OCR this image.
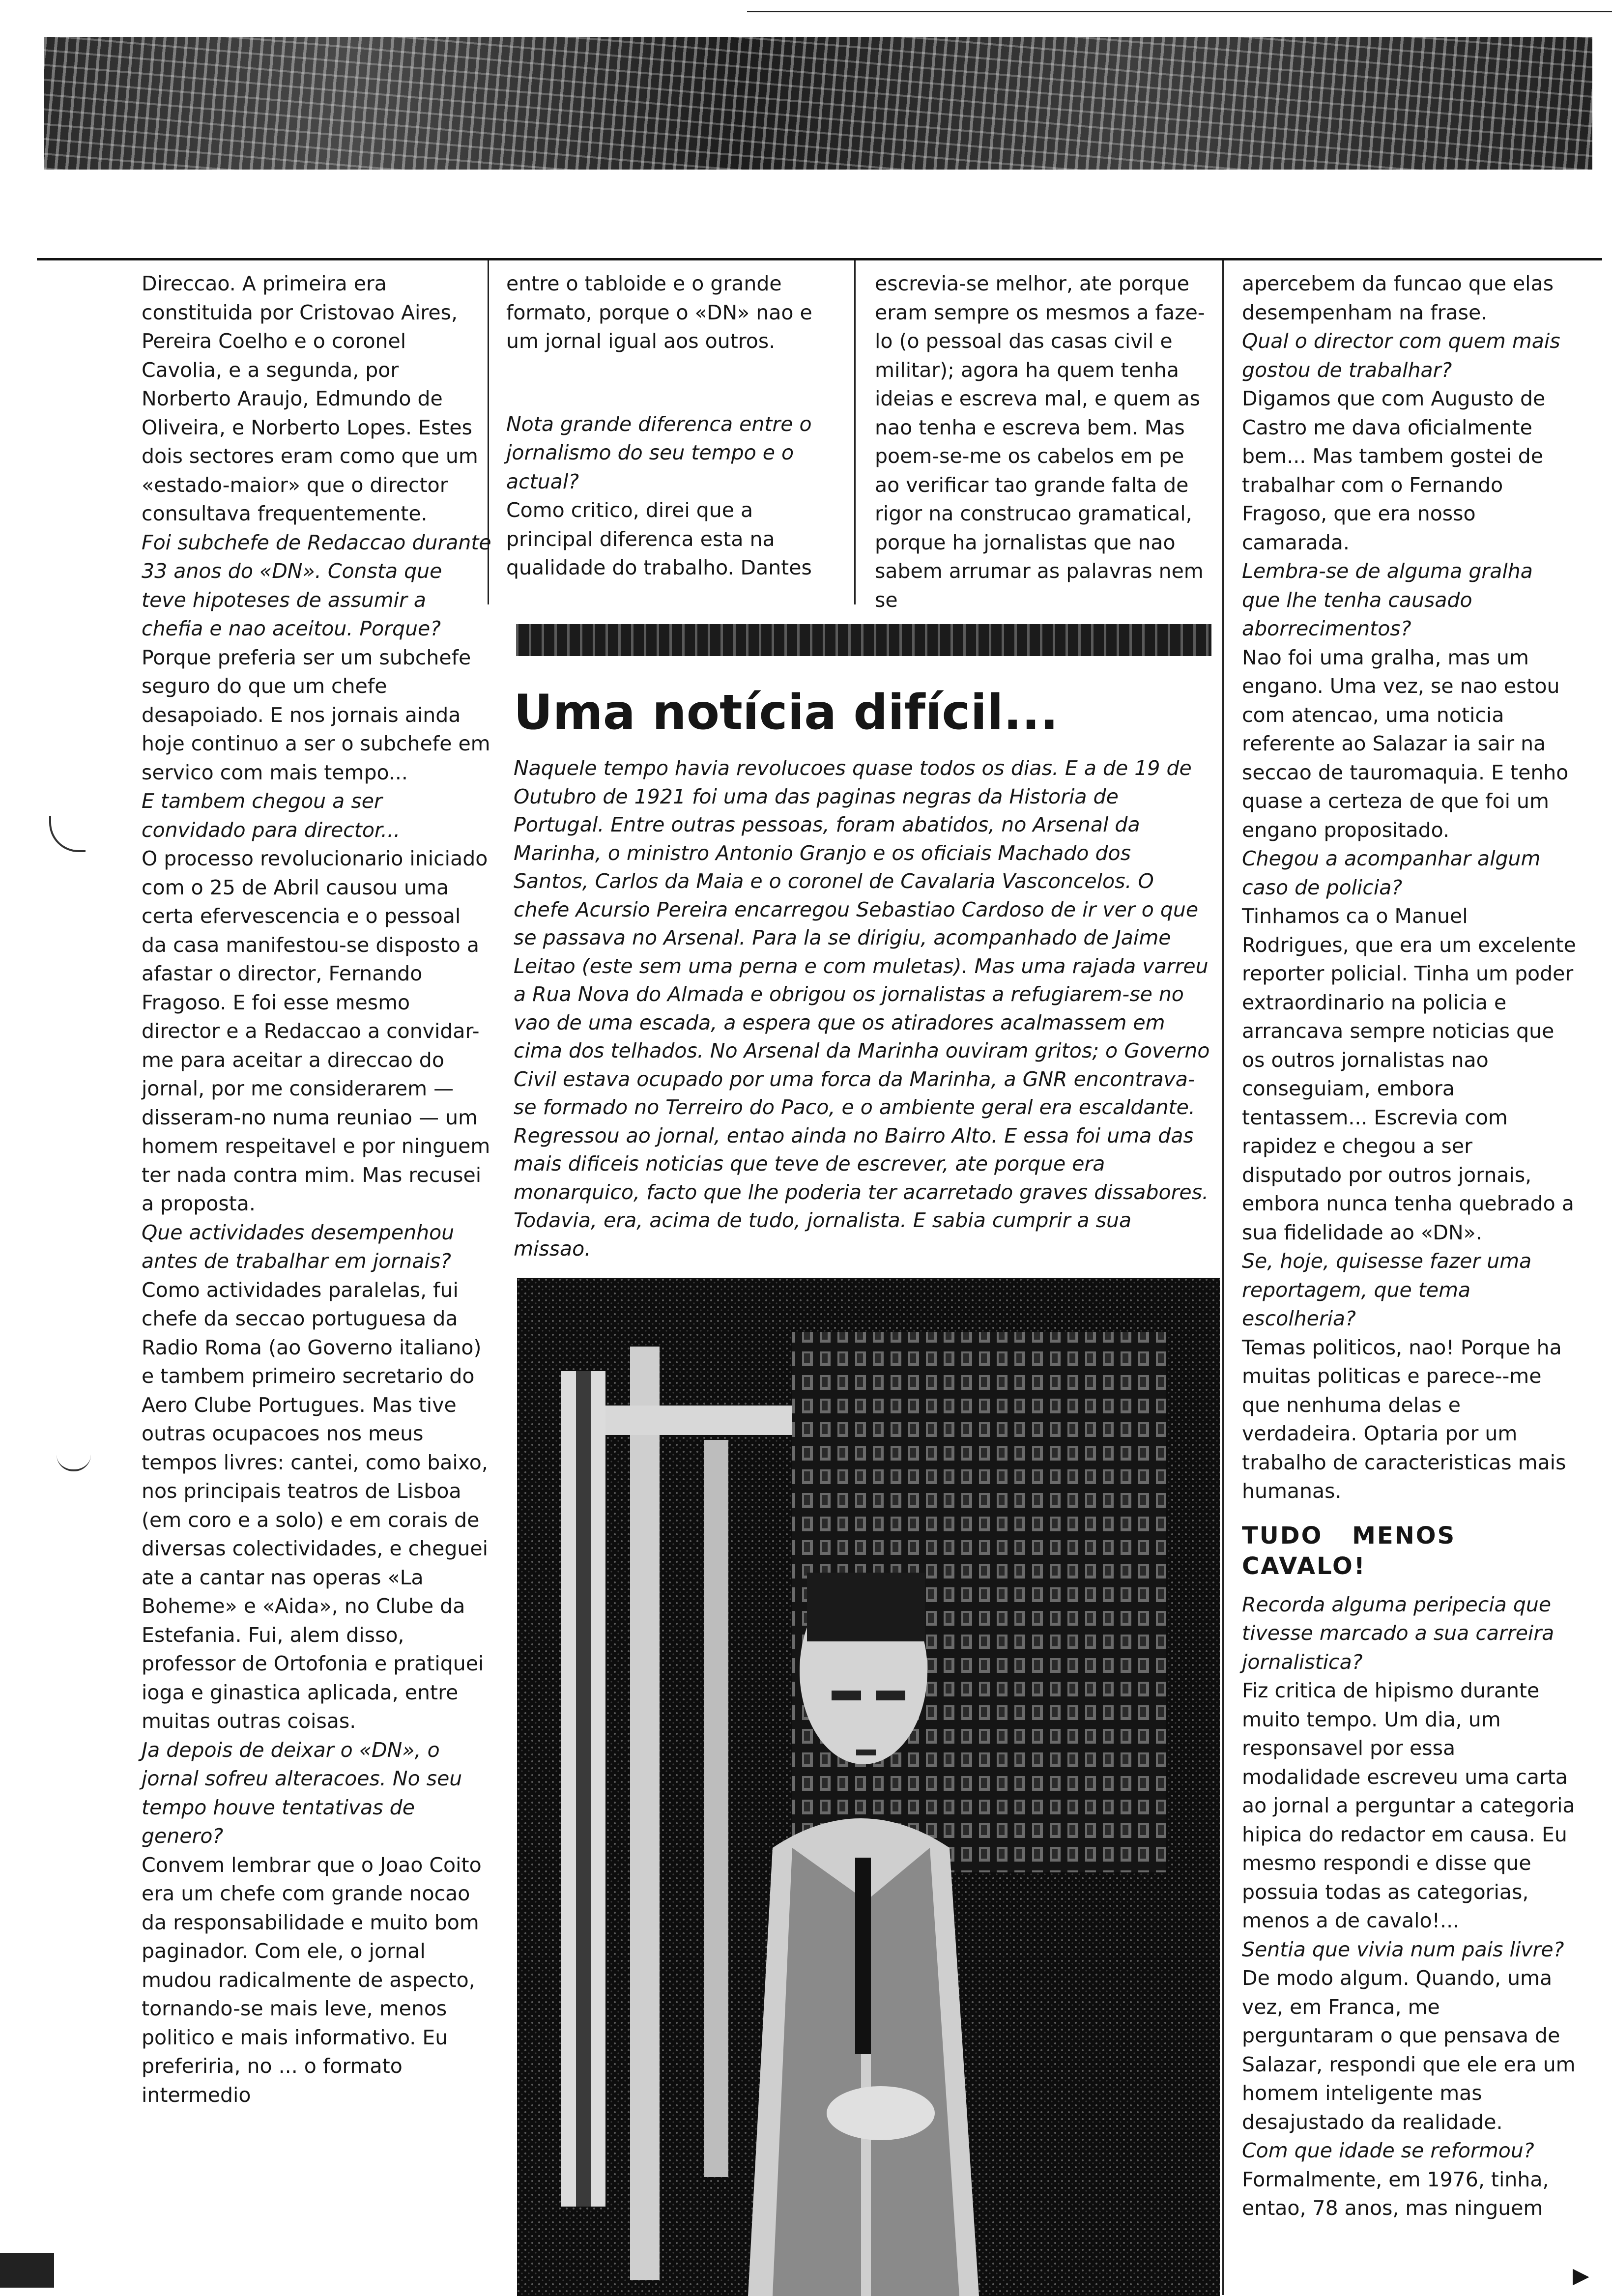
Direccao. A primeira era constituida por Cristovao Aires, Pereira Coelho e o coronel Cavolia, e a segunda, por Norberto Araujo, Edmundo de Oliveira, e Norberto Lopes. Estes dois sectores eram como que um «estado-maior» que o director consultava frequentemente.

Foi subchefe de Redaccao durante 33 anos do «DN». Consta que teve hipoteses de assumir a chefia e nao aceitou. Porque?

Porque preferia ser um subchefe seguro do que um chefe desapoiado. E nos jornais ainda hoje continuo a ser o subchefe em servico com mais tempo...

E tambem chegou a ser convidado para director...

O processo revolucionario iniciado com o 25 de Abril causou uma certa efervescencia e o pessoal da casa manifestou-se disposto a afastar o director, Fernando Fragoso. E foi esse mesmo director e a Redaccao a convidar-me para aceitar a direccao do jornal, por me considerarem — disseram-no numa reuniao — um homem respeitavel e por ninguem ter nada contra mim. Mas recusei a proposta.

Que actividades desempenhou antes de trabalhar em jornais?

Como actividades paralelas, fui chefe da seccao portuguesa da Radio Roma (ao Governo italiano) e tambem primeiro secretario do Aero Clube Portugues. Mas tive outras ocupacoes nos meus tempos livres: cantei, como baixo, nos principais teatros de Lisboa (em coro e a solo) e em corais de diversas colectividades, e cheguei ate a cantar nas operas «La Boheme» e «Aida», no Clube da Estefania. Fui, alem disso, professor de Ortofonia e pratiquei ioga e ginastica aplicada, entre muitas outras coisas.

Ja depois de deixar o «DN», o jornal sofreu alteracoes. No seu tempo houve tentativas de genero?

Convem lembrar que o Joao Coito era um chefe com grande nocao da responsabilidade e muito bom paginador. Com ele, o jornal mudou radicalmente de aspecto, tornando-se mais leve, menos politico e mais informativo. Eu preferiria, no ... o formato intermedio

entre o tabloide e o grande formato, porque o «DN» nao e um jornal igual aos outros.

Nota grande diferenca entre o jornalismo do seu tempo e o actual?

Como critico, direi que a principal diferenca esta na qualidade do trabalho. Dantes

escrevia-se melhor, ate porque eram sempre os mesmos a faze-lo (o pessoal das casas civil e militar); agora ha quem tenha ideias e escreva mal, e quem as nao tenha e escreva bem. Mas poem-se-me os cabelos em pe ao verificar tao grande falta de rigor na construcao gramatical, porque ha jornalistas que nao sabem arrumar as palavras nem se

apercebem da funcao que elas desempenham na frase.

Qual o director com quem mais gostou de trabalhar?

Digamos que com Augusto de Castro me dava oficialmente bem... Mas tambem gostei de trabalhar com o Fernando Fragoso, que era nosso camarada.

Lembra-se de alguma gralha que lhe tenha causado aborrecimentos?

Nao foi uma gralha, mas um engano. Uma vez, se nao estou com atencao, uma noticia referente ao Salazar ia sair na seccao de tauromaquia. E tenho quase a certeza de que foi um engano propositado.

Chegou a acompanhar algum caso de policia?

Tinhamos ca o Manuel Rodrigues, que era um excelente reporter policial. Tinha um poder extraordinario na policia e arrancava sempre noticias que os outros jornalistas nao conseguiam, embora tentassem... Escrevia com rapidez e chegou a ser disputado por outros jornais, embora nunca tenha quebrado a sua fidelidade ao «DN».

Se, hoje, quisesse fazer uma reportagem, que tema escolheria?

Temas politicos, nao! Porque ha muitas politicas e parece--me que nenhuma delas e verdadeira. Optaria por um trabalho de caracteristicas mais humanas.

TUDO MENOS CAVALO!

Recorda alguma peripecia que tivesse marcado a sua carreira jornalistica?

Fiz critica de hipismo durante muito tempo. Um dia, um responsavel por essa modalidade escreveu uma carta ao jornal a perguntar a categoria hipica do redactor em causa. Eu mesmo respondi e disse que possuia todas as categorias, menos a de cavalo!...

Sentia que vivia num pais livre?

De modo algum. Quando, uma vez, em Franca, me perguntaram o que pensava de Salazar, respondi que ele era um homem inteligente mas desajustado da realidade.

Com que idade se reformou?

Formalmente, em 1976, tinha, entao, 78 anos, mas ninguem

Uma notícia difícil...

Naquele tempo havia revolucoes quase todos os dias. E a de 19 de Outubro de 1921 foi uma das paginas negras da Historia de Portugal. Entre outras pessoas, foram abatidos, no Arsenal da Marinha, o ministro Antonio Granjo e os oficiais Machado dos Santos, Carlos da Maia e o coronel de Cavalaria Vasconcelos. O chefe Acursio Pereira encarregou Sebastiao Cardoso de ir ver o que se passava no Arsenal. Para la se dirigiu, acompanhado de Jaime Leitao (este sem uma perna e com muletas). Mas uma rajada varreu a Rua Nova do Almada e obrigou os jornalistas a refugiarem-se no vao de uma escada, a espera que os atiradores acalmassem em cima dos telhados. No Arsenal da Marinha ouviram gritos; o Governo Civil estava ocupado por uma forca da Marinha, a GNR encontrava-se formado no Terreiro do Paco, e o ambiente geral era escaldante. Regressou ao jornal, entao ainda no Bairro Alto. E essa foi uma das mais dificeis noticias que teve de escrever, ate porque era monarquico, facto que lhe poderia ter acarretado graves dissabores. Todavia, era, acima de tudo, jornalista. E sabia cumprir a sua missao.

▶
